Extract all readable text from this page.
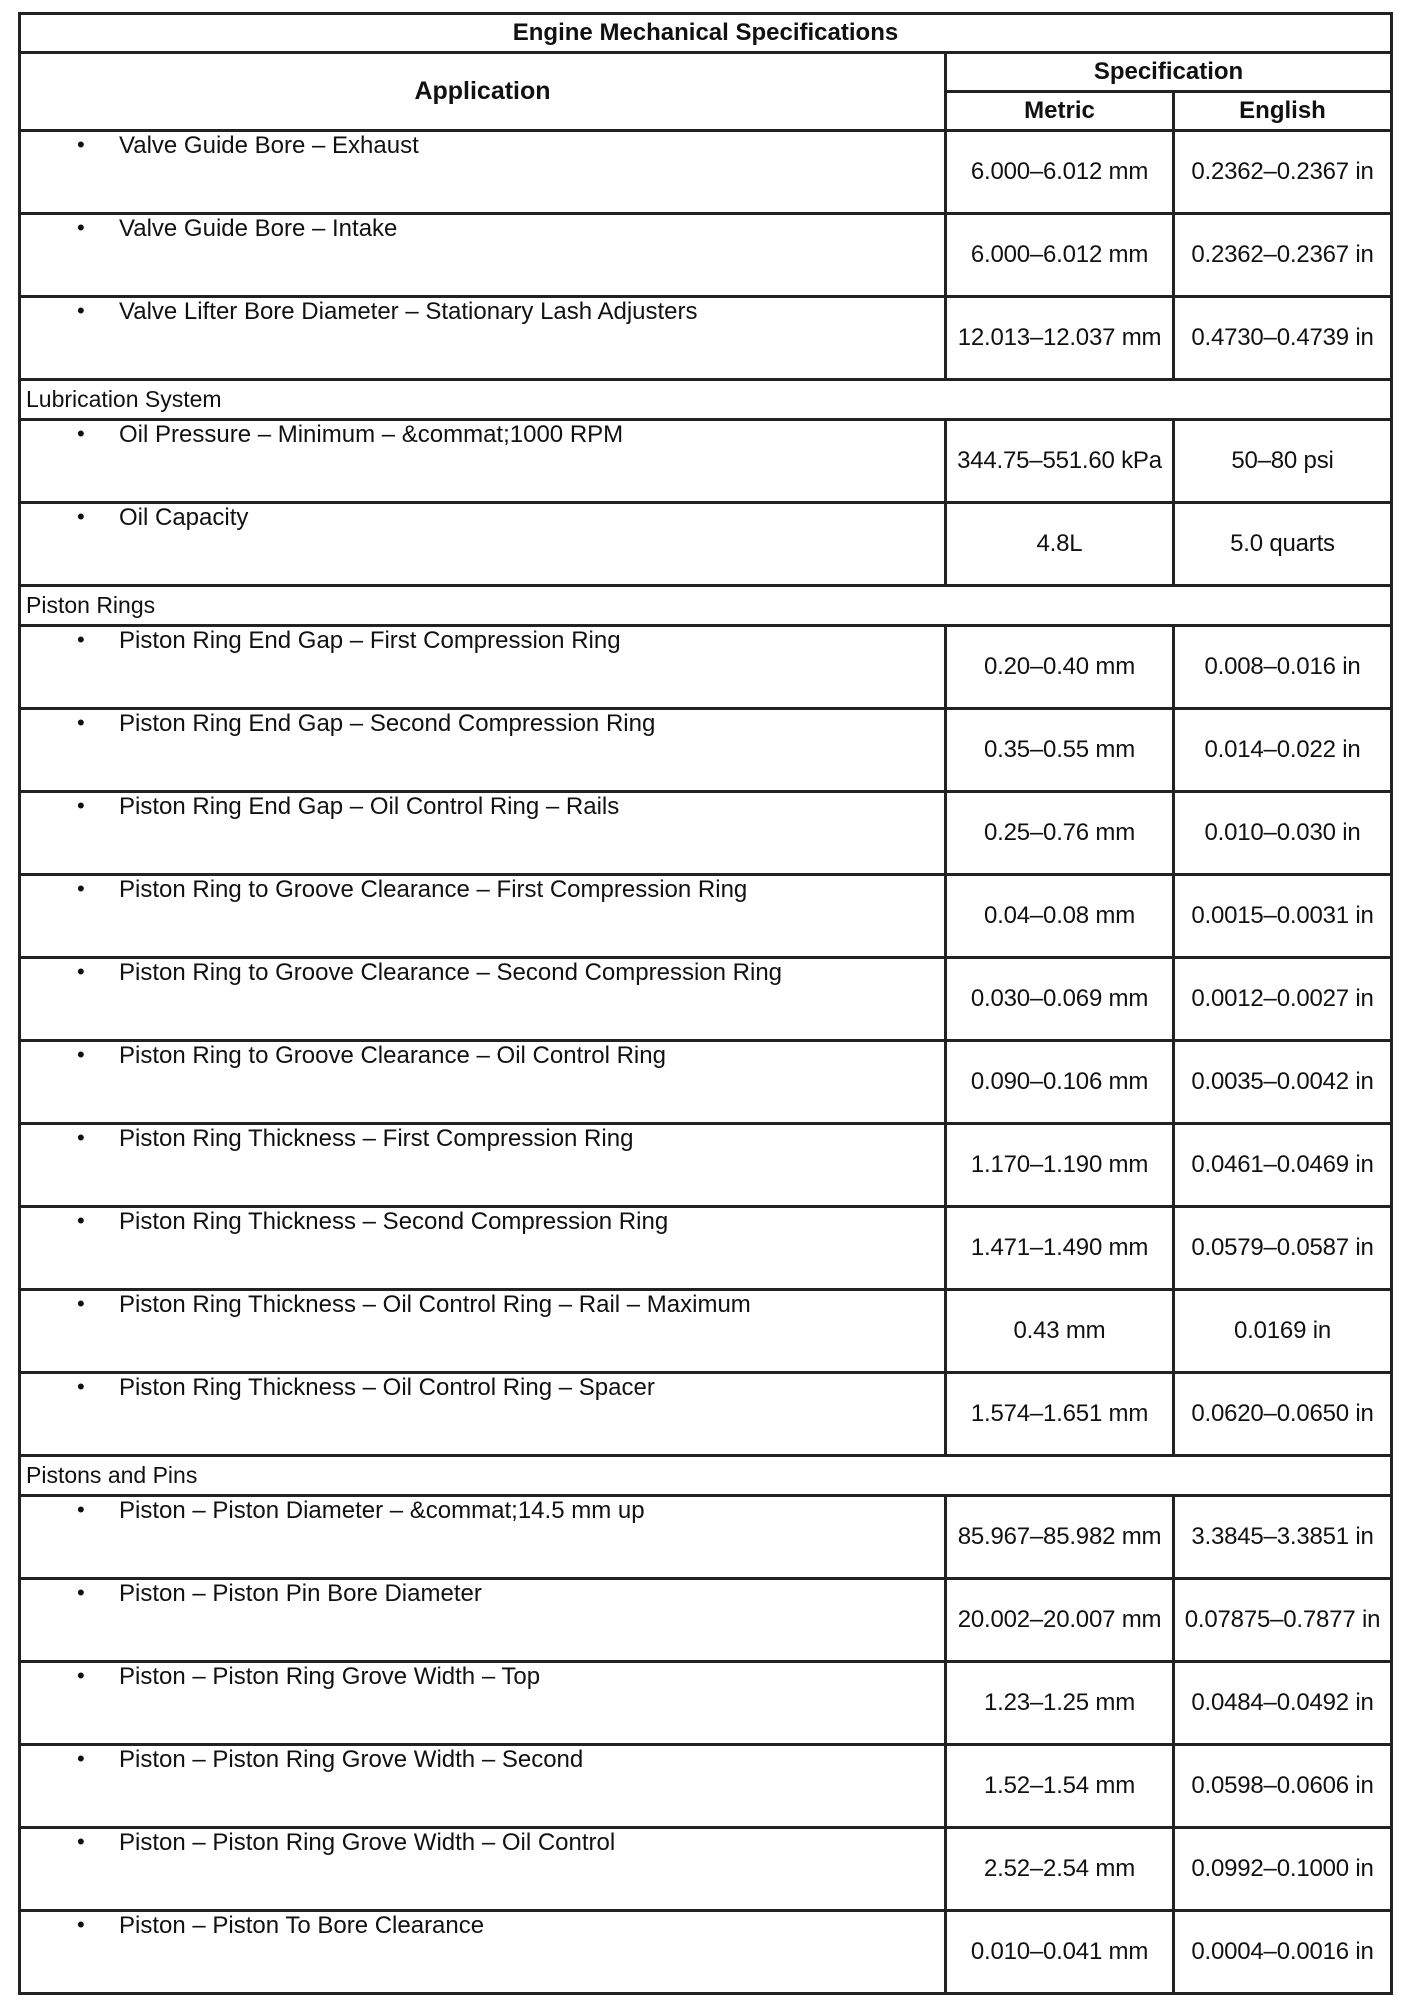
Engine Mechanical Specifications		
Application	Specification	
	Metric	English
• Valve Guide Bore – Exhaust	6.000–6.012 mm	0.2362–0.2367 in
• Valve Guide Bore – Intake	6.000–6.012 mm	0.2362–0.2367 in
• Valve Lifter Bore Diameter – Stationary Lash Adjusters	12.013–12.037 mm	0.4730–0.4739 in
Lubrication System		
• Oil Pressure – Minimum – &commat;1000 RPM	344.75–551.60 kPa	50–80 psi
• Oil Capacity	4.8L	5.0 quarts
Piston Rings		
• Piston Ring End Gap – First Compression Ring	0.20–0.40 mm	0.008–0.016 in
• Piston Ring End Gap – Second Compression Ring	0.35–0.55 mm	0.014–0.022 in
• Piston Ring End Gap – Oil Control Ring – Rails	0.25–0.76 mm	0.010–0.030 in
• Piston Ring to Groove Clearance – First Compression Ring	0.04–0.08 mm	0.0015–0.0031 in
• Piston Ring to Groove Clearance – Second Compression Ring	0.030–0.069 mm	0.0012–0.0027 in
• Piston Ring to Groove Clearance – Oil Control Ring	0.090–0.106 mm	0.0035–0.0042 in
• Piston Ring Thickness – First Compression Ring	1.170–1.190 mm	0.0461–0.0469 in
• Piston Ring Thickness – Second Compression Ring	1.471–1.490 mm	0.0579–0.0587 in
• Piston Ring Thickness – Oil Control Ring – Rail – Maximum	0.43 mm	0.0169 in
• Piston Ring Thickness – Oil Control Ring – Spacer	1.574–1.651 mm	0.0620–0.0650 in
Pistons and Pins		
• Piston – Piston Diameter – &commat;14.5 mm up	85.967–85.982 mm	3.3845–3.3851 in
• Piston – Piston Pin Bore Diameter	20.002–20.007 mm	0.07875–0.7877 in
• Piston – Piston Ring Grove Width – Top	1.23–1.25 mm	0.0484–0.0492 in
• Piston – Piston Ring Grove Width – Second	1.52–1.54 mm	0.0598–0.0606 in
• Piston – Piston Ring Grove Width – Oil Control	2.52–2.54 mm	0.0992–0.1000 in
• Piston – Piston To Bore Clearance	0.010–0.041 mm	0.0004–0.0016 in
